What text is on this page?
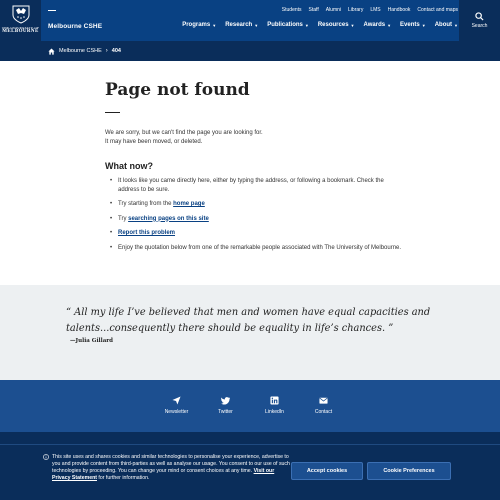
THE UNIVERSITY OF
MELBOURNE
Melbourne CSHE
Students Staff Alumni Library LMS Handbook Contact and maps
Programs ▼ Research ▼ Publications ▼ Resources ▼ Awards ▼ Events ▼ About ▼	Search
Melbourne CSHE › 404
Page not found

We are sorry, but we can't find the page you are looking for.
It may have been moved, or deleted.

What now?
• It looks like you came directly here, either by typing the address, or following a bookmark. Check the address to be sure.
• Try starting from the home page
• Try searching pages on this site
• Report this problem
• Enjoy the quotation below from one of the remarkable people associated with The University of Melbourne.

“ All my life I’ve believed that men and women have equal capacities and talents...consequently there should be equality in life’s chances. ”

—Julia Gillard

Newsletter	Twitter	LinkedIn	Contact
This site uses and shares cookies and similar technologies to personalise your experience, advertise to you and provide content from third-parties as well as analyse our usage. You consent to our use of such technologies by proceeding. You can change your mind or consent choices at any time. Visit our Privacy Statement for further information.
Accept cookies	Cookie Preferences
